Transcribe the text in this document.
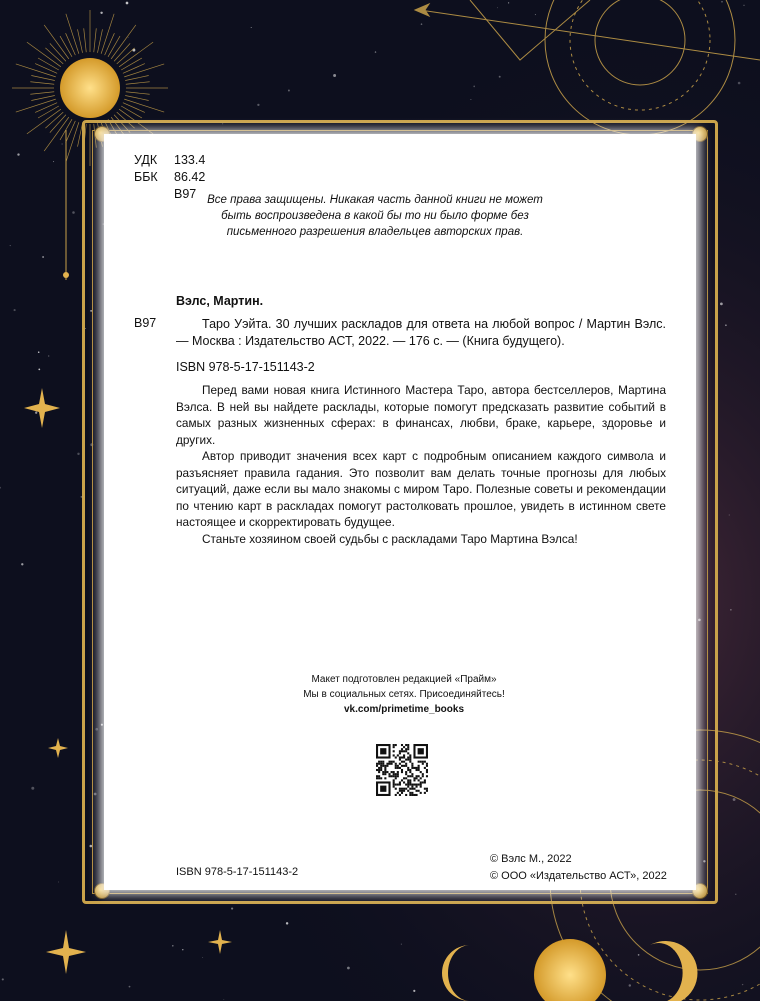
УДК	133.4
ББК	86.42
В97 Все права защищены. Никакая часть данной книги не может быть воспроизведена в какой бы то ни было форме без письменного разрешения владельцев авторских прав.
Вэлс, Мартин.
В97	Таро Уэйта. 30 лучших раскладов для ответа на любой вопрос / Мартин Вэлс. — Москва : Издательство АСТ, 2022. — 176 с. — (Книга будущего).
ISBN 978-5-17-151143-2

Перед вами новая книга Истинного Мастера Таро, автора бестселлеров, Мартина Вэлса. В ней вы найдете расклады, которые помогут предсказать развитие событий в самых разных жизненных сферах: в финансах, любви, браке, карьере, здоровье и других.

Автор приводит значения всех карт с подробным описанием каждого символа и разъясняет правила гадания. Это позволит вам делать точные прогнозы для любых ситуаций, даже если вы мало знакомы с миром Таро. Полезные советы и рекомендации по чтению карт в раскладах помогут растолковать прошлое, увидеть в истинном свете настоящее и скорректировать будущее.

Станьте хозяином своей судьбы с раскладами Таро Мартина Вэлса!

Макет подготовлен редакцией «Прайм»
Мы в социальных сетях. Присоединяйтесь!
vk.com/primetime_books
ISBN 978-5-17-151143-2
© Вэлс М., 2022
© ООО «Издательство АСТ», 2022
